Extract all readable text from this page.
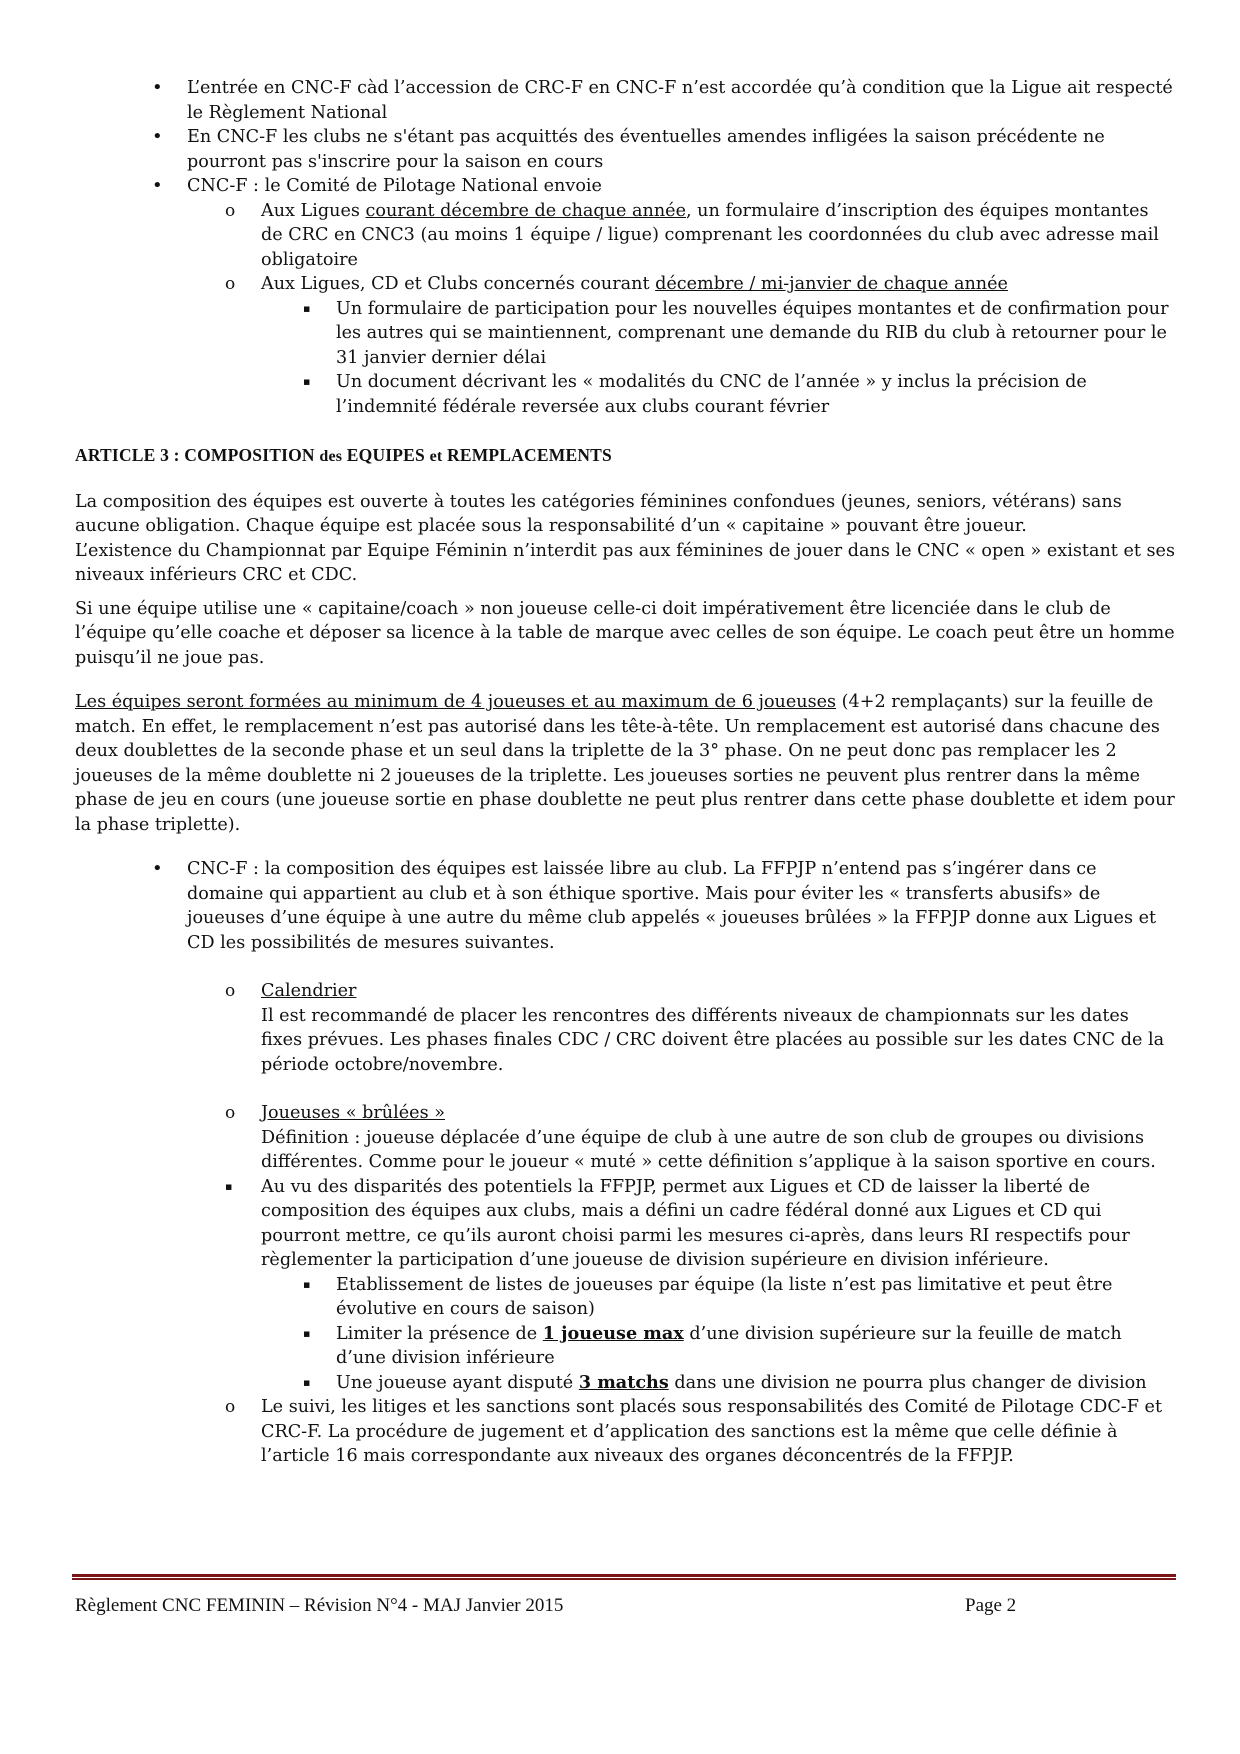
• L’entrée en CNC-F càd l’accession de CRC-F en CNC-F n’est accordée qu’à condition que la Ligue ait respecté le Règlement National

• En CNC-F les clubs ne s'étant pas acquittés des éventuelles amendes infligées la saison précédente ne pourront pas s'inscrire pour la saison en cours

• CNC-F : le Comité de Pilotage National envoie

o Aux Ligues courant décembre de chaque année, un formulaire d’inscription des équipes montantes de CRC en CNC3 (au moins 1 équipe / ligue) comprenant les coordonnées du club avec adresse mail obligatoire

o Aux Ligues, CD et Clubs concernés courant décembre / mi-janvier de chaque année

▪ Un formulaire de participation pour les nouvelles équipes montantes et de confirmation pour les autres qui se maintiennent, comprenant une demande du RIB du club à retourner pour le 31 janvier dernier délai

▪ Un document décrivant les « modalités du CNC de l’année » y inclus la précision de l’indemnité fédérale reversée aux clubs courant février

ARTICLE 3 : COMPOSITION des EQUIPES et REMPLACEMENTS

La composition des équipes est ouverte à toutes les catégories féminines confondues (jeunes, seniors, vétérans) sans aucune obligation. Chaque équipe est placée sous la responsabilité d’un « capitaine » pouvant être joueur.

L’existence du Championnat par Equipe Féminin n’interdit pas aux féminines de jouer dans le CNC « open » existant et ses niveaux inférieurs CRC et CDC.

Si une équipe utilise une « capitaine/coach » non joueuse celle-ci doit impérativement être licenciée dans le club de l’équipe qu’elle coache et déposer sa licence à la table de marque avec celles de son équipe. Le coach peut être un homme puisqu’il ne joue pas.

Les équipes seront formées au minimum de 4 joueuses et au maximum de 6 joueuses (4+2 remplaçants) sur la feuille de match. En effet, le remplacement n’est pas autorisé dans les tête-à-tête. Un remplacement est autorisé dans chacune des deux doublettes de la seconde phase et un seul dans la triplette de la 3° phase. On ne peut donc pas remplacer les 2 joueuses de la même doublette ni 2 joueuses de la triplette. Les joueuses sorties ne peuvent plus rentrer dans la même phase de jeu en cours (une joueuse sortie en phase doublette ne peut plus rentrer dans cette phase doublette et idem pour la phase triplette).

• CNC-F : la composition des équipes est laissée libre au club. La FFPJP n’entend pas s’ingérer dans ce domaine qui appartient au club et à son éthique sportive. Mais pour éviter les « transferts abusifs» de joueuses d’une équipe à une autre du même club appelés « joueuses brûlées » la FFPJP donne aux Ligues et CD les possibilités de mesures suivantes.

o Calendrier

Il est recommandé de placer les rencontres des différents niveaux de championnats sur les dates fixes prévues. Les phases finales CDC / CRC doivent être placées au possible sur les dates CNC de la période octobre/novembre.

o Joueuses « brûlées »

Définition : joueuse déplacée d’une équipe de club à une autre de son club de groupes ou divisions différentes. Comme pour le joueur « muté » cette définition s’applique à la saison sportive en cours.

▪ Au vu des disparités des potentiels la FFPJP, permet aux Ligues et CD de laisser la liberté de composition des équipes aux clubs, mais a défini un cadre fédéral donné aux Ligues et CD qui pourront mettre, ce qu’ils auront choisi parmi les mesures ci-après, dans leurs RI respectifs pour règlementer la participation d’une joueuse de division supérieure en division inférieure.

▪ Etablissement de listes de joueuses par équipe (la liste n’est pas limitative et peut être évolutive en cours de saison)

▪ Limiter la présence de 1 joueuse max d’une division supérieure sur la feuille de match d’une division inférieure

▪ Une joueuse ayant disputé 3 matchs dans une division ne pourra plus changer de division

o Le suivi, les litiges et les sanctions sont placés sous responsabilités des Comité de Pilotage CDC-F et CRC-F. La procédure de jugement et d’application des sanctions est la même que celle définie à l’article 16 mais correspondante aux niveaux des organes déconcentrés de la FFPJP.

Règlement CNC FEMININ – Révision N°4 - MAJ Janvier 2015	Page 2
